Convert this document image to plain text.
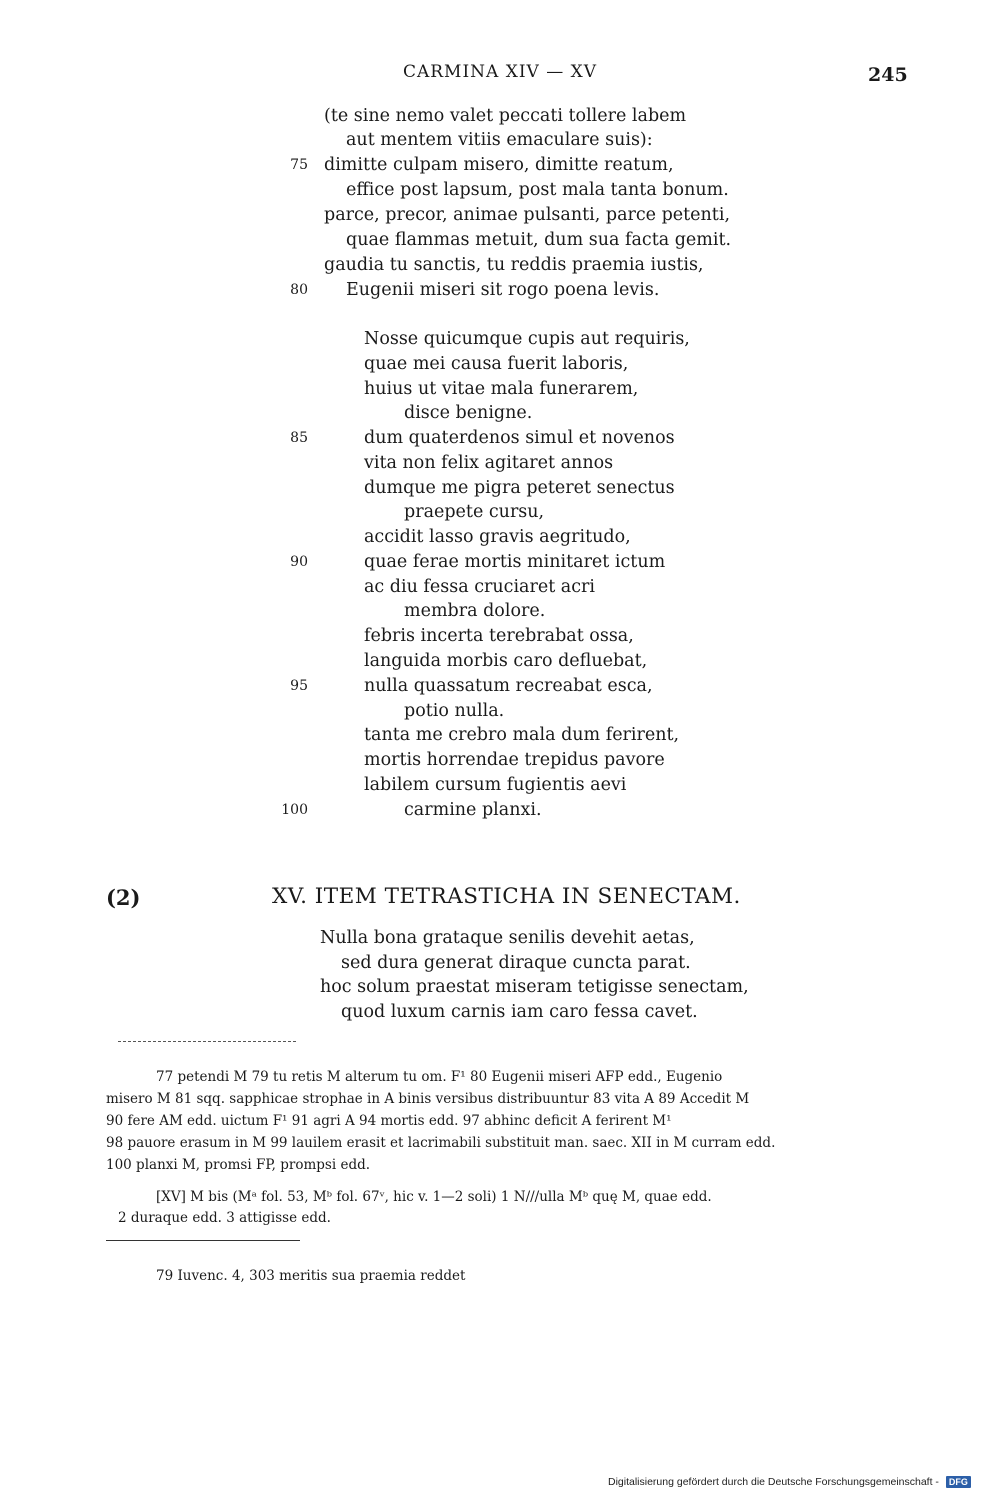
CARMINA XIV — XV	245
(te sine nemo valet peccati tollere labem
aut mentem vitiis emaculare suis):
dimitte culpam misero, dimitte reatum,
effice post lapsum, post mala tanta bonum.
parce, precor, animae pulsanti, parce petenti,
quae flammas metuit, dum sua facta gemit.
gaudia tu sanctis, tu reddis praemia iustis,
Eugenii miseri sit rogo poena levis.
Nosse quicumque cupis aut requiris,
quae mei causa fuerit laboris,
huius ut vitae mala funerarem,
disce benigne.
dum quaterdenos simul et novenos
vita non felix agitaret annos
dumque me pigra peteret senectus
praepete cursu,
accidit lasso gravis aegritudo,
quae ferae mortis minitaret ictum
ac diu fessa cruciaret acri
membra dolore.
febris incerta terebrabat ossa,
languida morbis caro defluebat,
nulla quassatum recreabat esca,
potio nulla.
tanta me crebro mala dum ferirent,
mortis horrendae trepidus pavore
labilem cursum fugientis aevi
carmine planxi.
75
80
85
90
95
100
(2)	XV. ITEM TETRASTICHA IN SENECTAM.
Nulla bona grataque senilis devehit aetas,
sed dura generat diraque cuncta parat.
hoc solum praestat miseram tetigisse senectam,
quod luxum carnis iam caro fessa cavet.
77 petendi M 79 tu retis M alterum tu om. F¹ 80 Eugenii miseri AFP edd., Eugenio
misero M 81 sqq. sapphicae strophae in A binis versibus distribuuntur 83 vita A 89 Accedit M
90 fere AM edd. uictum F¹ 91 agri A 94 mortis edd. 97 abhinc deficit A ferirent M¹
98 pauore erasum in M 99 lauilem erasit et lacrimabili substituit man. saec. XII in M curram edd.
100 planxi M, promsi FP, prompsi edd.
[XV] M bis (Mᵃ fol. 53, Mᵇ fol. 67ᵛ, hic v. 1—2 soli) 1 N///ulla Mᵇ quę M, quae edd.
2 duraque edd. 3 attigisse edd.
79 Iuvenc. 4, 303 meritis sua praemia reddet
Digitalisierung gefördert durch die Deutsche Forschungsgemeinschaft - DFG
